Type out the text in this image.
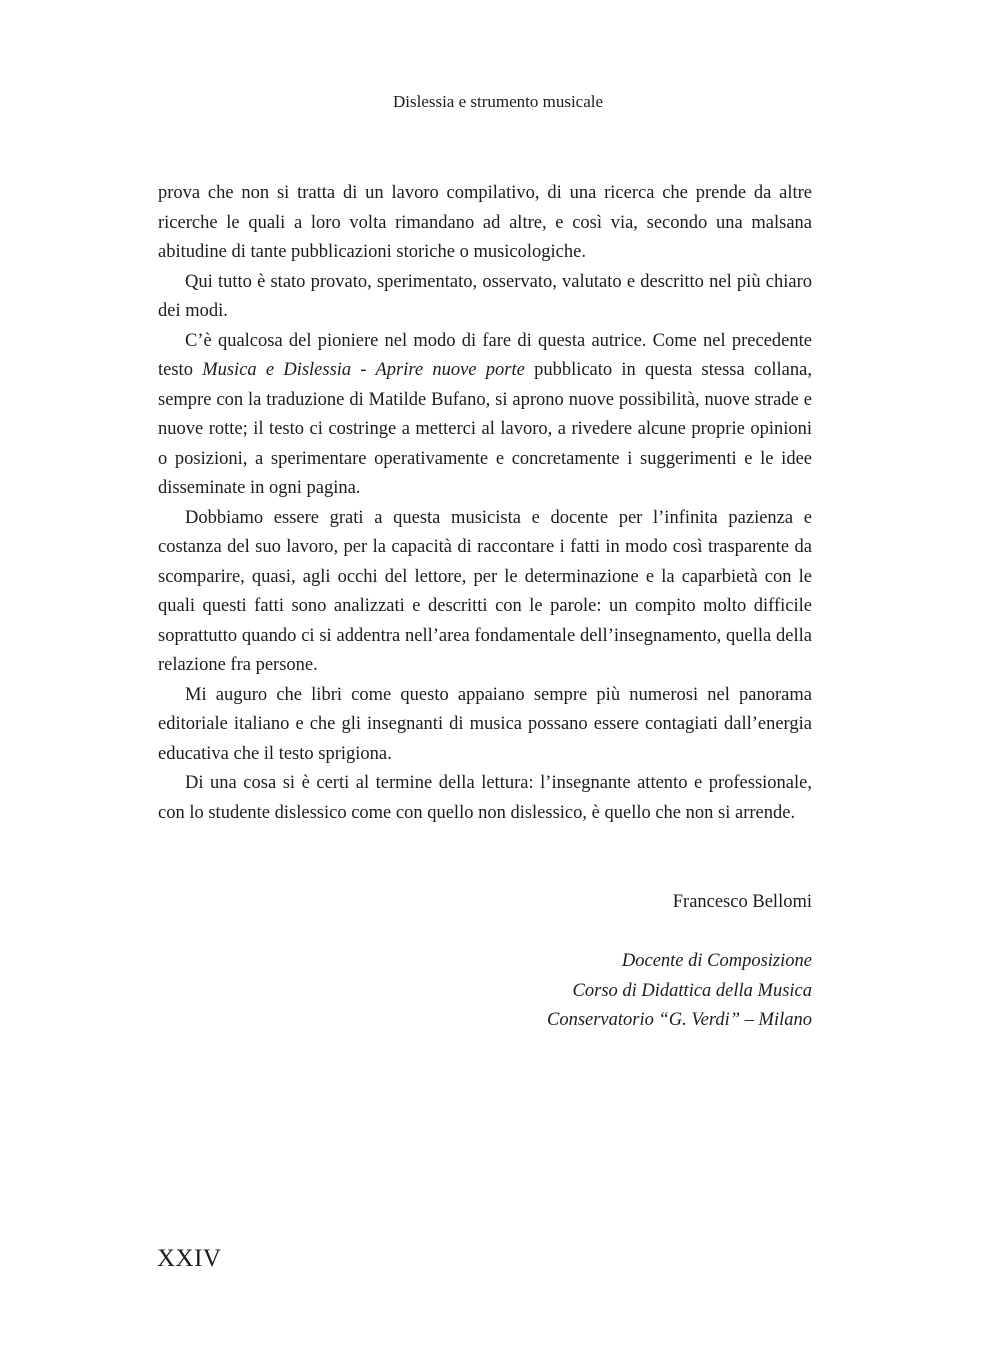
Dislessia e strumento musicale

prova che non si tratta di un lavoro compilativo, di una ricerca che prende da altre ricerche le quali a loro volta rimandano ad altre, e così via, secondo una malsana abitudine di tante pubblicazioni storiche o musicologiche.

Qui tutto è stato provato, sperimentato, osservato, valutato e descritto nel più chiaro dei modi.

C’è qualcosa del pioniere nel modo di fare di questa autrice. Come nel precedente testo Musica e Dislessia - Aprire nuove porte pubblicato in questa stessa collana, sempre con la traduzione di Matilde Bufano, si aprono nuove possibilità, nuove strade e nuove rotte; il testo ci costringe a metterci al lavoro, a rivedere alcune proprie opinioni o posizioni, a sperimentare operativamente e concretamente i suggerimenti e le idee disseminate in ogni pagina.

Dobbiamo essere grati a questa musicista e docente per l’infinita pazienza e costanza del suo lavoro, per la capacità di raccontare i fatti in modo così trasparente da scomparire, quasi, agli occhi del lettore, per le determinazione e la caparbietà con le quali questi fatti sono analizzati e descritti con le parole: un compito molto difficile soprattutto quando ci si addentra nell’area fondamentale dell’insegnamento, quella della relazione fra persone.

Mi auguro che libri come questo appaiano sempre più numerosi nel panorama editoriale italiano e che gli insegnanti di musica possano essere contagiati dall’energia educativa che il testo sprigiona.

Di una cosa si è certi al termine della lettura: l’insegnante attento e professionale, con lo studente dislessico come con quello non dislessico, è quello che non si arrende.

Francesco Bellomi
Docente di Composizione
Corso di Didattica della Musica
Conservatorio “G. Verdi” – Milano
XXIV
